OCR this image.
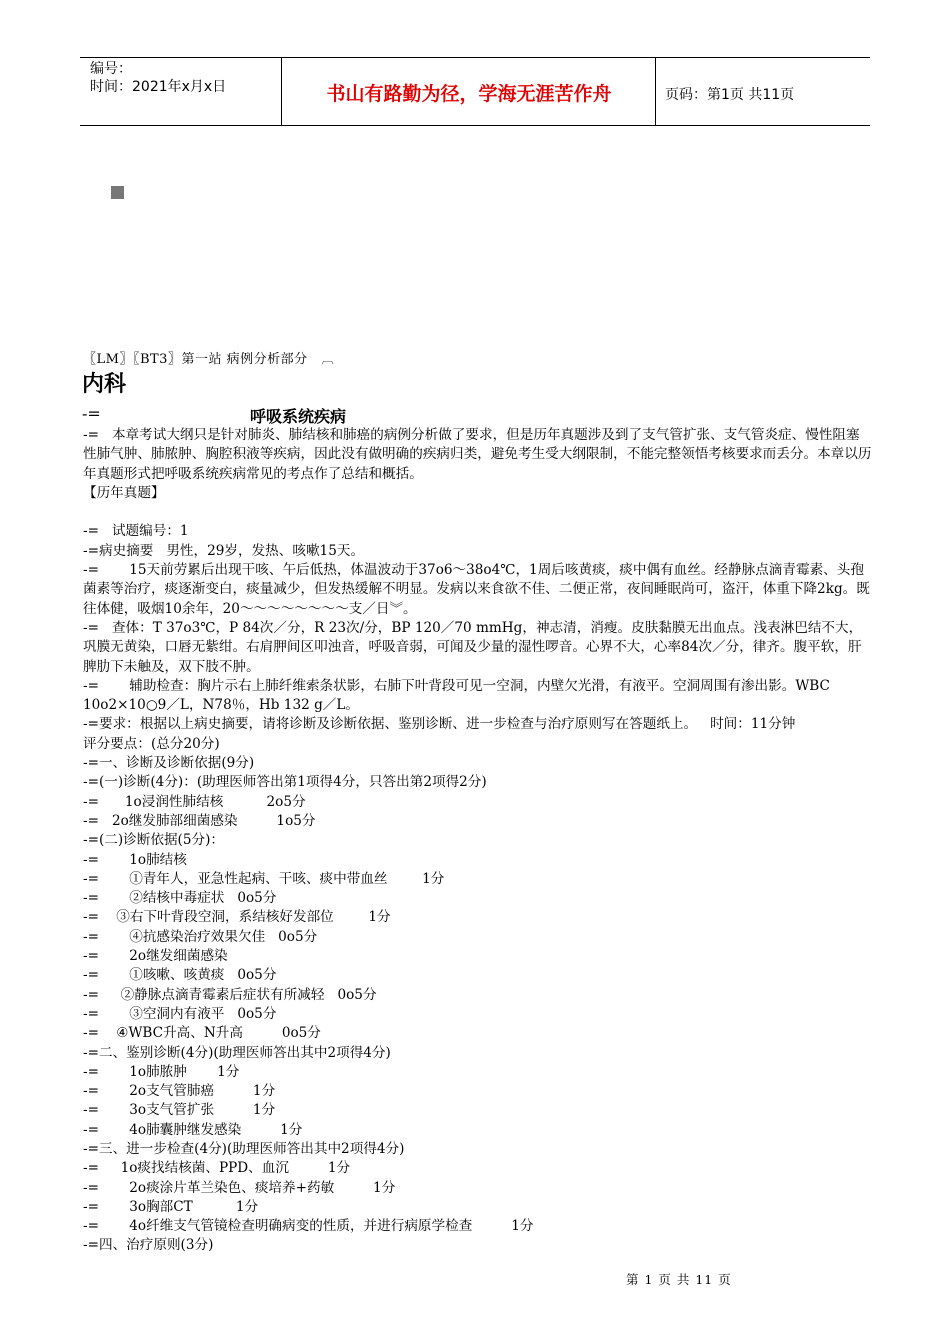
编号：
时间：2021年x月x日	书山有路勤为径，学海无涯苦作舟	页码：第1页 共11页
〖LM〗〖BT3〗第一站 病例分析部分 ︹
内科
-=	呼吸系统疾病

-=   本章考试大纲只是针对肺炎、肺结核和肺癌的病例分析做了要求，但是历年真题涉及到了支气管扩张、支气管炎症、慢性阻塞性肺气肿、肺脓肿、胸腔积液等疾病，因此没有做明确的疾病归类，避免考生受大纲限制，不能完整领悟考核要求而丢分。本章以历年真题形式把呼吸系统疾病常见的考点作了总结和概括。

【历年真题】

-=   试题编号：1

-=病史摘要   男性，29岁，发热、咳嗽15天。

-=       15天前劳累后出现干咳、午后低热，体温波动于37o6～38o4℃，1周后咳黄痰，痰中偶有血丝。经静脉点滴青霉素、头孢菌素等治疗，痰逐渐变白，痰量减少，但发热缓解不明显。发病以来食欲不佳、二便正常，夜间睡眠尚可，盗汗，体重下降2kg。既往体健，吸烟10余年，20～～～～～～～～支／日︾。

-=   查体：T 37o3℃，P 84次／分，R 23次/分，BP 120／70 mmHg，神志清，消瘦。皮肤黏膜无出血点。浅表淋巴结不大，巩膜无黄染，口唇无紫绀。右肩胛间区叩浊音，呼吸音弱，可闻及少量的湿性啰音。心界不大，心率84次／分，律齐。腹平软，肝脾肋下未触及，双下肢不肿。

-=       辅助检查：胸片示右上肺纤维索条状影，右肺下叶背段可见一空洞，内壁欠光滑，有液平。空洞周围有渗出影。WBC 10o2×10○9／L，N78％，Hb 132 g／L。

-=要求：根据以上病史摘要，请将诊断及诊断依据、鉴别诊断、进一步检查与治疗原则写在答题纸上。   时间：11分钟

评分要点：(总分20分)

-=一、诊断及诊断依据(9分)

-=(一)诊断(4分)：(助理医师答出第1项得4分，只答出第2项得2分)

-=      1o浸润性肺结核          2o5分

-=   2o继发肺部细菌感染         1o5分

-=(二)诊断依据(5分)：

-=       1o肺结核

-=       ①青年人，亚急性起病、干咳、痰中带血丝        1分

-=       ②结核中毒症状   0o5分

-=    ③右下叶背段空洞，系结核好发部位        1分

-=       ④抗感染治疗效果欠佳   0o5分

-=       2o继发细菌感染

-=       ①咳嗽、咳黄痰   0o5分

-=     ②静脉点滴青霉素后症状有所减轻   0o5分

-=       ③空洞内有液平   0o5分

-=    ④WBC升高、N升高         0o5分

-=二、鉴别诊断(4分)(助理医师答出其中2项得4分)

-=       1o肺脓肿       1分

-=       2o支气管肺癌         1分

-=       3o支气管扩张         1分

-=       4o肺囊肿继发感染         1分

-=三、进一步检查(4分)(助理医师答出其中2项得4分)

-=     1o痰找结核菌、PPD、血沉         1分

-=       2o痰涂片革兰染色、痰培养+药敏         1分

-=       3o胸部CT          1分

-=       4o纤维支气管镜检查明确病变的性质，并进行病原学检查         1分

-=四、治疗原则(3分)

第 1 页 共 11 页
